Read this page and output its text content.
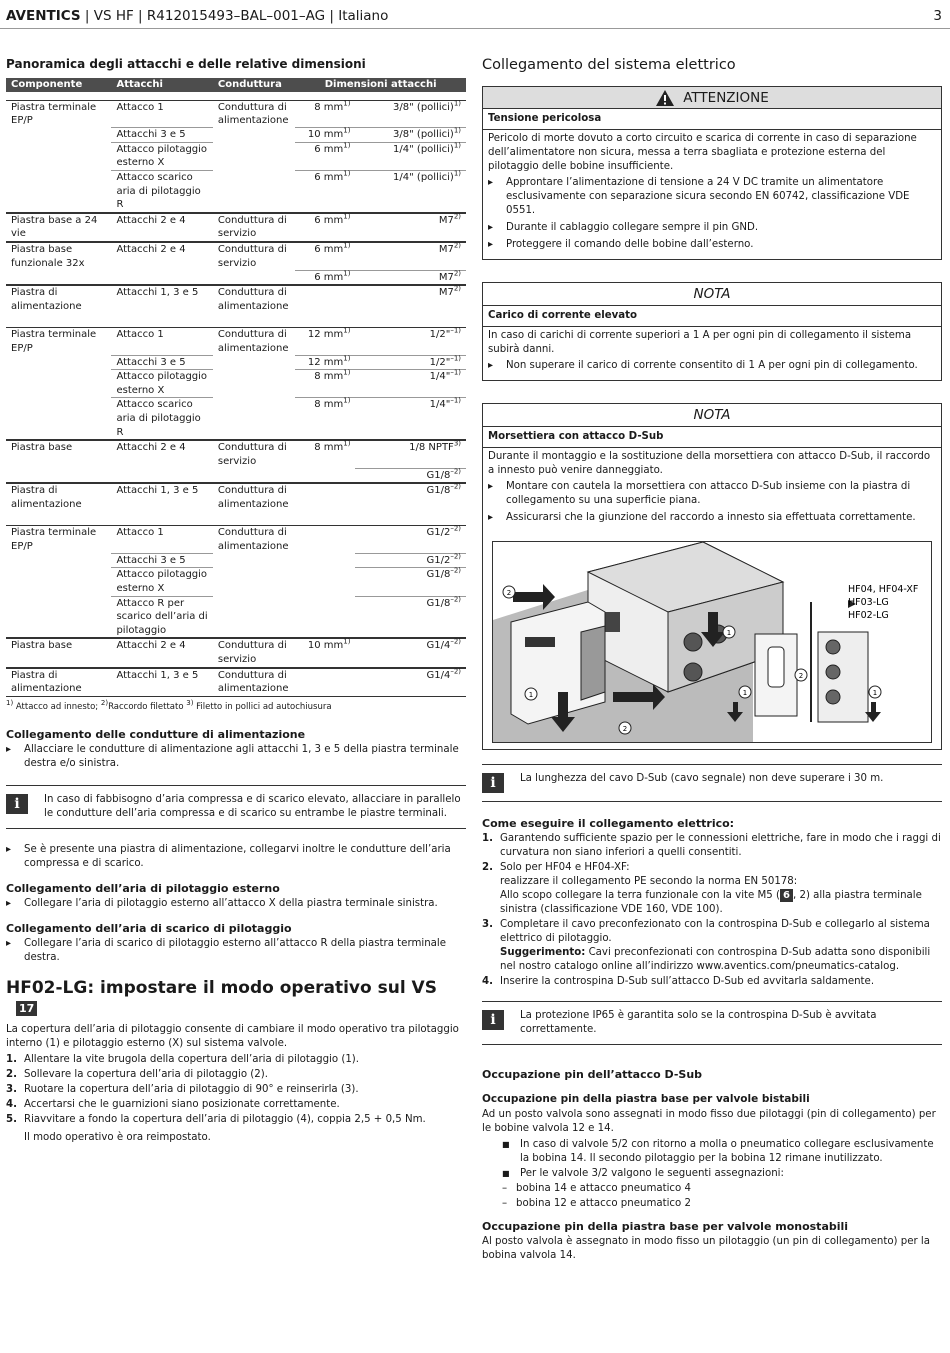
AVENTICS | VS HF | R412015493–BAL–001–AG | Italiano	3
Panoramica degli attacchi e delle relative dimensioni
Componente	Attacchi	Conduttura	Dimensioni attacchi	

Piastra terminale EP/P	Attacco 1	Conduttura di alimentazione	8 $mm^{1)}$	3/8" (pollici)$^{1)}$
	Attacchi 3 e 5		10 $mm^{1)}$	3/8" (pollici)$^{1)}$
	Attacco pilotaggio esterno X		6 $mm^{1)}$	1/4" (pollici)$^{1)}$
	Attacco scarico aria di pilotaggio R		6 $mm^{1)}$	1/4" (pollici)$^{1)}$
Piastra base a 24 vie	Attacchi 2 e 4	Conduttura di servizio	6 $mm^{1)}$	M7$^{2)}$
Piastra base funzionale 32x	Attacchi 2 e 4	Conduttura di servizio	6 $mm^{1)}$	M7$^{2)}$
			6 $mm^{1)}$	M7$^{2)}$
Piastra di alimentazione	Attacchi 1, 3 e 5	Conduttura di alimentazione		M7$^{2)}$

Piastra terminale EP/P	Attacco 1	Conduttura di alimentazione	12 $mm^{1)}$	1/2"$^{-1)}$
	Attacchi 3 e 5		12 $mm^{1)}$	1/2"$^{-1)}$
	Attacco pilotaggio esterno X		8 $mm^{1)}$	1/4"$^{-1)}$
	Attacco scarico aria di pilotaggio R		8 $mm^{1)}$	1/4"$^{-1)}$
Piastra base	Attacchi 2 e 4	Conduttura di servizio	8 $mm^{1)}$	1/8 NPTF$^{3)}$
				$G1/8^{-2)}$
Piastra di alimentazione	Attacchi 1, 3 e 5	Conduttura di alimentazione		$G1/8^{-2)}$

Piastra terminale EP/P	Attacco 1	Conduttura di alimentazione		$G1/2^{-2)}$
	Attacchi 3 e 5			$G1/2^{-2)}$
	Attacco pilotaggio esterno X			$G1/8^{-2)}$
	Attacco R per scarico dell’aria di pilotaggio			$G1/8^{-2)}$
Piastra base	Attacchi 2 e 4	Conduttura di servizio	10 $mm^{1)}$	$G1/4^{-2)}$
Piastra di alimentazione	Attacchi 1, 3 e 5	Conduttura di alimentazione		$G1/4^{-2)}$

$^{1)}$ Attacco ad innesto; $^{2)}$Raccordo filettato $^{3)}$ Filetto in pollici ad autochiusura
Collegamento delle condutture di alimentazione
▸ Allacciare le condutture di alimentazione agli attacchi 1, 3 e 5 della piastra terminale destra e/o sinistra.
i	In caso di fabbisogno d’aria compressa e di scarico elevato, allacciare in parallelo le condutture dell’aria compressa e di scarico su entrambe le piastre terminali.
▸ Se è presente una piastra di alimentazione, collegarvi inoltre le condutture dell’aria compressa e di scarico.
Collegamento dell’aria di pilotaggio esterno
▸ Collegare l’aria di pilotaggio esterno all’attacco X della piastra terminale sinistra.
Collegamento dell’aria di scarico di pilotaggio
▸ Collegare l’aria di scarico di pilotaggio esterno all’attacco R della piastra terminale destra.
HF02-LG: impostare il modo operativo sul VS17

La copertura dell’aria di pilotaggio consente di cambiare il modo operativo tra pilotaggio interno (1) e pilotaggio esterno (X) sul sistema valvole.

1. Allentare la vite brugola della copertura dell’aria di pilotaggio (1).
2. Sollevare la copertura dell’aria di pilotaggio (2).
3. Ruotare la copertura dell’aria di pilotaggio di 90° e reinserirla (3).
4. Accertarsi che le guarnizioni siano posizionate correttamente.
5. Riavvitare a fondo la copertura dell’aria di pilotaggio (4), coppia 2,5 + 0,5 Nm.

Il modo operativo è ora reimpostato.

Collegamento del sistema elettrico
ATTENZIONE
Tensione pericolosa

Pericolo di morte dovuto a corto circuito e scarica di corrente in caso di separazione dell’alimentatore non sicura, messa a terra sbagliata e protezione esterna del pilotaggio delle bobine insufficiente.

▸ Approntare l’alimentazione di tensione a 24 V DC tramite un alimentatore esclusivamente con separazione sicura secondo EN 60742, classificazione VDE 0551.
▸ Durante il cablaggio collegare sempre il pin GND.
▸ Proteggere il comando delle bobine dall’esterno.
NOTA
Carico di corrente elevato

In caso di carichi di corrente superiori a 1 A per ogni pin di collegamento il sistema subirà danni.

▸ Non superare il carico di corrente consentito di 1 A per ogni pin di collegamento.
NOTA
Morsettiera con attacco D-Sub

Durante il montaggio e la sostituzione della morsettiera con attacco D-Sub, il raccordo a innesto può venire danneggiato.

▸ Montare con cautela la morsettiera con attacco D-Sub insieme con la piastra di collegamento su una superficie piana.
▸ Assicurarsi che la giunzione del raccordo a innesto sia effettuata correttamente.
2
1
1
2
1
2
1
HF04, HF04-XF
HF03-LG
HF02-LG
i	La lunghezza del cavo D-Sub (cavo segnale) non deve superare i 30 m.
Come eseguire il collegamento elettrico:
1. Garantendo sufficiente spazio per le connessioni elettriche, fare in modo che i raggi di curvatura non siano inferiori a quelli consentiti.
2. Solo per HF04 e HF04-XF:
realizzare il collegamento PE secondo la norma EN 50178:
Allo scopo collegare la terra funzionale con la vite M5 ( 6 , 2) alla piastra terminale sinistra (classificazione VDE 160, VDE 100).
3. Completare il cavo preconfezionato con la controspina D-Sub e collegarlo al sistema elettrico di pilotaggio.
Suggerimento: Cavi preconfezionati con controspina D-Sub adatta sono disponibili nel nostro catalogo online all’indirizzo www.aventics.com/pneumatics-catalog.
4. Inserire la controspina D-Sub sull’attacco D-Sub ed avvitarla saldamente.
i	La protezione IP65 è garantita solo se la controspina D-Sub è avvitata correttamente.
Occupazione pin dell’attacco D-Sub
Occupazione pin della piastra base per valvole bistabili

Ad un posto valvola sono assegnati in modo fisso due pilotaggi (pin di collegamento) per le bobine valvola 12 e 14.

■ In caso di valvole 5/2 con ritorno a molla o pneumatico collegare esclusivamente la bobina 14. Il secondo pilotaggio per la bobina 12 rimane inutilizzato.
■ Per le valvole 3/2 valgono le seguenti assegnazioni:
– bobina 14 e attacco pneumatico 4
– bobina 12 e attacco pneumatico 2
Occupazione pin della piastra base per valvole monostabili

Al posto valvola è assegnato in modo fisso un pilotaggio (un pin di collegamento) per la bobina valvola 14.
